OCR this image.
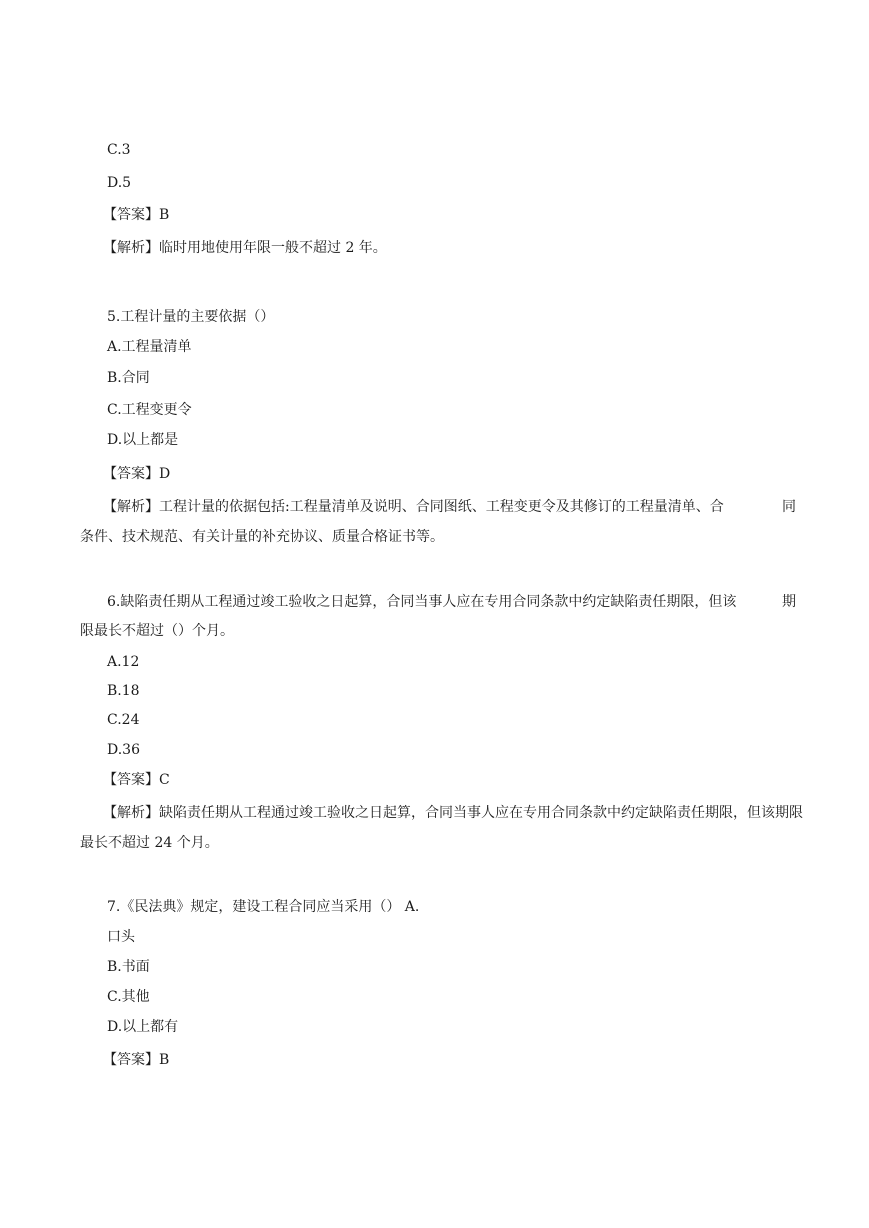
C.3
D.5
【答案】B
【解析】临时用地使用年限一般不超过 2 年。
5.工程计量的主要依据（）
A.工程量清单
B.合同
C.工程变更令
D.以上都是
【答案】D
【解析】工程计量的依据包括:工程量清单及说明、合同图纸、工程变更令及其修订的工程量清单、合	同
条件、技术规范、有关计量的补充协议、质量合格证书等。
6.缺陷责任期从工程通过竣工验收之日起算，合同当事人应在专用合同条款中约定缺陷责任期限，但该	期
限最长不超过（）个月。
A.12
B.18
C.24
D.36
【答案】C
【解析】缺陷责任期从工程通过竣工验收之日起算，合同当事人应在专用合同条款中约定缺陷责任期限， 但该期限
最长不超过 24 个月。
7.《民法典》规定，建设工程合同应当采用（） A.
口头
B.书面
C.其他
D.以上都有
【答案】B
